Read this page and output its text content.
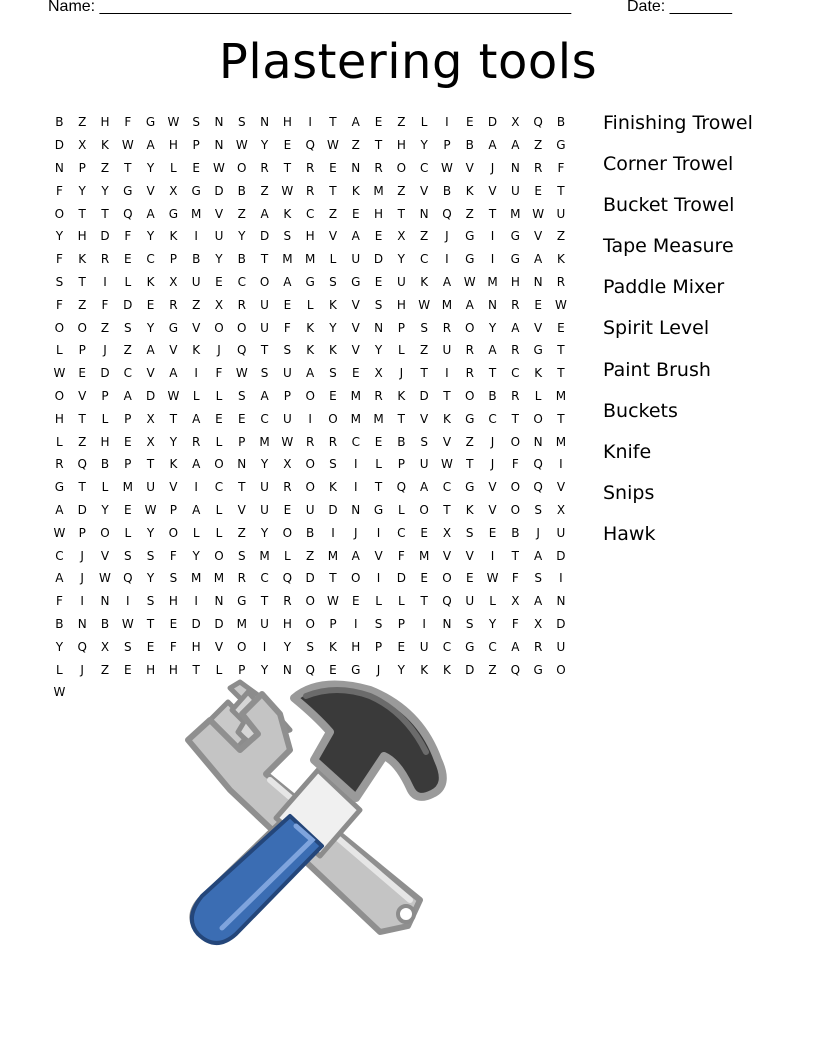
Name: _____________________________________________________	Date: _______
Plastering tools
B	Z	H	F	G	W	S	N	S	N	H	I	T	A	E	Z	L	I	E	D	X	Q	B
D	X	K	W	A	H	P	N	W	Y	E	Q	W	Z	T	H	Y	P	B	A	A	Z	G
N	P	Z	T	Y	L	E	W	O	R	T	R	E	N	R	O	C	W	V	J	N	R	F
F	Y	Y	G	V	X	G	D	B	Z	W	R	T	K	M	Z	V	B	K	V	U	E	T
O	T	T	Q	A	G	M	V	Z	A	K	C	Z	E	H	T	N	Q	Z	T	M W	U
Y	H	D	F	Y	K	I	U	Y	D	S	H	V	A	E	X	Z	J	G	I	G	V	Z
F	K	R	E	C	P	B	Y	B	T	M	M	L	U	D	Y	C	I	G	I	G	A	K
S	T	I	L	K	X	U	E	C	O	A	G	S	G	E	U	K	A	W M	H	N	R
F	Z	F	D	E	R	Z	X	R	U	E	L	K	V	S	H	W M	A	N	R	E	W
O	O	Z	S	Y	G	V	O	O	U	F	K	Y	V	N	P	S	R	O	Y	A	V	E
L	P	J	Z	A	V	K	J	Q	T	S	K	K	V	Y	L	Z	U	R	A	R	G	T
W	E	D	C	V	A	I	F	W	S	U	A	S	E	X	J	T	I	R	T	C	K	T
O	V	P	A	D	W	L	L	S	A	P	O	E	M	R	K	D	T	O	B	R	L	M
H	T	L	P	X	T	A	E	E	C	U	I	O	M	M	T	V	K	G	C	T	O	T
L	Z	H	E	X	Y	R	L	P	M W	R	R	C	E	B	S	V	Z	J	O	N	M
R	Q	B	P	T	K	A	O	N	Y	X	O	S	I	L	P	U	W	T	J	F	Q	I
G	T	L	M	U	V	I	C	T	U	R	O	K	I	T	Q	A	C	G	V	O	Q	V
A	D	Y	E	W	P	A	L	V	U	E	U	D	N	G	L	O	T	K	V	O	S	X
W	P	O	L	Y	O	L	L	Z	Y	O	B	I	J	I	C	E	X	S	E	B	J	U
C	J	V	S	S	F	Y	O	S	M	L	Z	M	A	V	F	M	V	V	I	T	A	D
A	J	W	Q	Y	S	M	M	R	C	Q	D	T	O	I	D	E	O	E	W	F	S	I
F	I	N	I	S	H	I	N	G	T	R	O	W	E	L	L	T	Q	U	L	X	A	N
B	N	B	W	T	E	D	D	M	U	H	O	P	I	S	P	I	N	S	Y	F	X	D
Y	Q	X	S	E	F	H	V	O	I	Y	S	K	H	P	E	U	C	G	C	A	R	U
L	J	Z	E	H	H	T	L	P	Y	N	Q	E	G	J	Y	K	K	D	Z	Q	G	O
W
Finishing Trowel
Corner Trowel
Bucket Trowel
Tape Measure
Paddle Mixer
Spirit Level
Paint Brush
Buckets
Knife
Snips
Hawk
